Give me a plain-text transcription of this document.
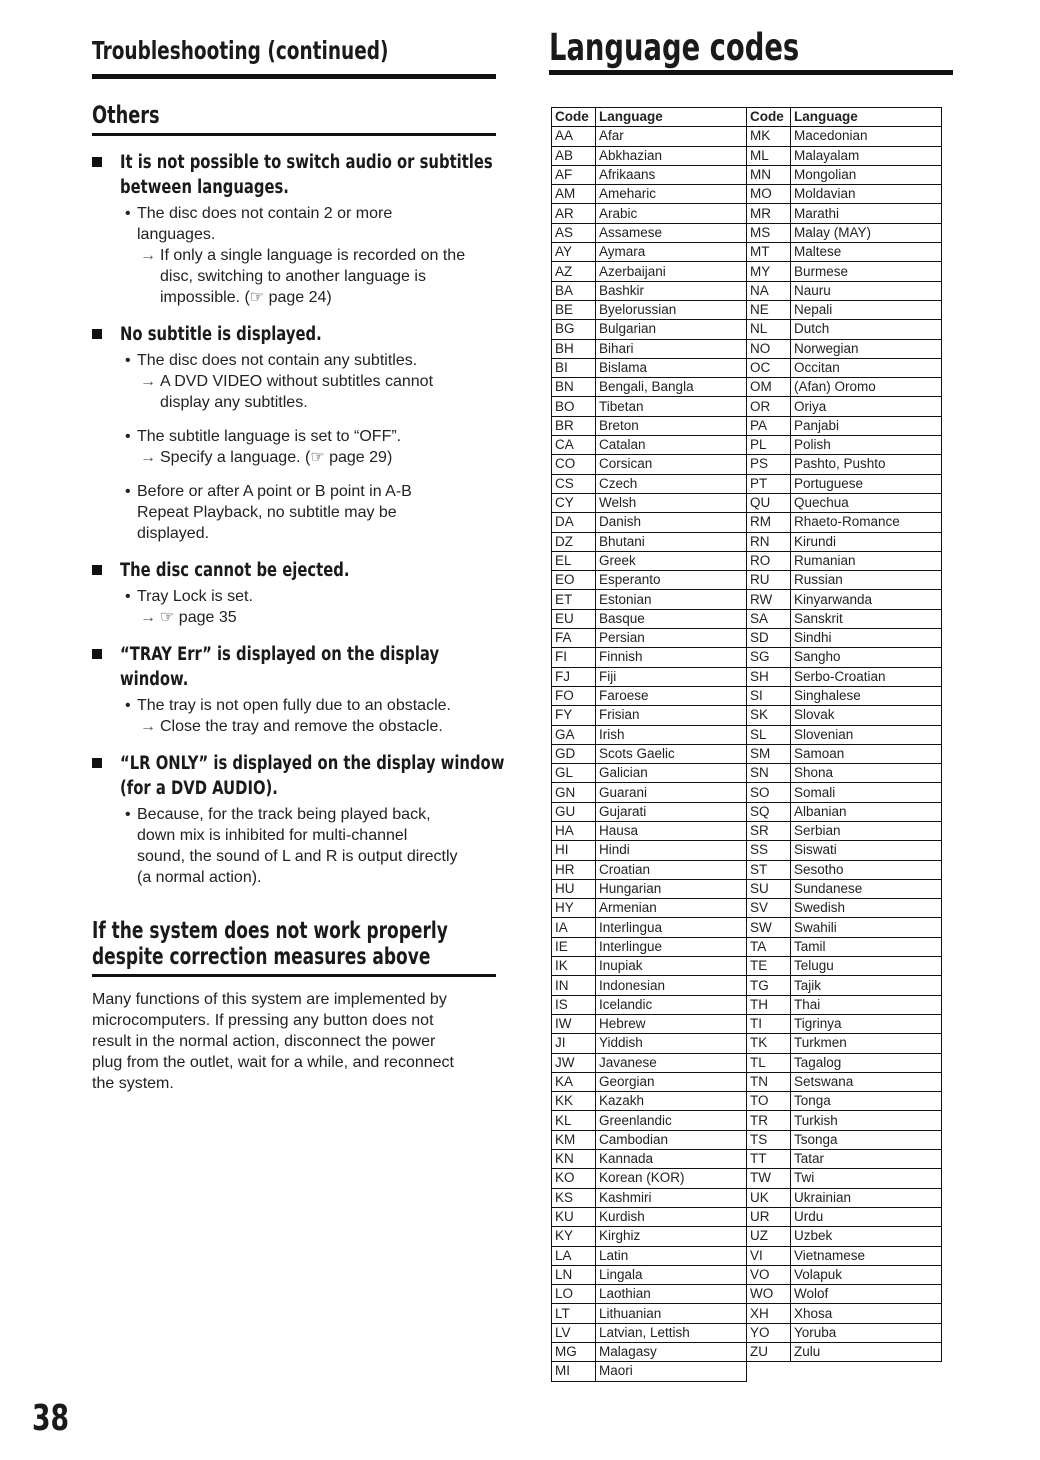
Troubleshooting (continued)
Others
It is not possible to switch audio or subtitles
between languages.
• The disc does not contain 2 or more
languages.
→ If only a single language is recorded on the
disc, switching to another language is
impossible. (☞ page 24)
No subtitle is displayed.
• The disc does not contain any subtitles.
→ A DVD VIDEO without subtitles cannot
display any subtitles.
• The subtitle language is set to “OFF”.
→ Specify a language. (☞ page 29)
• Before or after A point or B point in A-B
Repeat Playback, no subtitle may be
displayed.
The disc cannot be ejected.
• Tray Lock is set.
→ ☞ page 35
“TRAY Err” is displayed on the display
window.
• The tray is not open fully due to an obstacle.
→ Close the tray and remove the obstacle.
“LR ONLY” is displayed on the display window
(for a DVD AUDIO).
• Because, for the track being played back,
down mix is inhibited for multi-channel
sound, the sound of L and R is output directly
(a normal action).
If the system does not work properly
despite correction measures above
Many functions of this system are implemented by
microcomputers. If pressing any button does not
result in the normal action, disconnect the power
plug from the outlet, wait for a while, and reconnect
the system.
38
Language codes
Code	Language	Code	Language
AA	Afar	MK	Macedonian
AB	Abkhazian	ML	Malayalam
AF	Afrikaans	MN	Mongolian
AM	Ameharic	MO	Moldavian
AR	Arabic	MR	Marathi
AS	Assamese	MS	Malay (MAY)
AY	Aymara	MT	Maltese
AZ	Azerbaijani	MY	Burmese
BA	Bashkir	NA	Nauru
BE	Byelorussian	NE	Nepali
BG	Bulgarian	NL	Dutch
BH	Bihari	NO	Norwegian
BI	Bislama	OC	Occitan
BN	Bengali, Bangla	OM	(Afan) Oromo
BO	Tibetan	OR	Oriya
BR	Breton	PA	Panjabi
CA	Catalan	PL	Polish
CO	Corsican	PS	Pashto, Pushto
CS	Czech	PT	Portuguese
CY	Welsh	QU	Quechua
DA	Danish	RM	Rhaeto-Romance
DZ	Bhutani	RN	Kirundi
EL	Greek	RO	Rumanian
EO	Esperanto	RU	Russian
ET	Estonian	RW	Kinyarwanda
EU	Basque	SA	Sanskrit
FA	Persian	SD	Sindhi
FI	Finnish	SG	Sangho
FJ	Fiji	SH	Serbo-Croatian
FO	Faroese	SI	Singhalese
FY	Frisian	SK	Slovak
GA	Irish	SL	Slovenian
GD	Scots Gaelic	SM	Samoan
GL	Galician	SN	Shona
GN	Guarani	SO	Somali
GU	Gujarati	SQ	Albanian
HA	Hausa	SR	Serbian
HI	Hindi	SS	Siswati
HR	Croatian	ST	Sesotho
HU	Hungarian	SU	Sundanese
HY	Armenian	SV	Swedish
IA	Interlingua	SW	Swahili
IE	Interlingue	TA	Tamil
IK	Inupiak	TE	Telugu
IN	Indonesian	TG	Tajik
IS	Icelandic	TH	Thai
IW	Hebrew	TI	Tigrinya
JI	Yiddish	TK	Turkmen
JW	Javanese	TL	Tagalog
KA	Georgian	TN	Setswana
KK	Kazakh	TO	Tonga
KL	Greenlandic	TR	Turkish
KM	Cambodian	TS	Tsonga
KN	Kannada	TT	Tatar
KO	Korean (KOR)	TW	Twi
KS	Kashmiri	UK	Ukrainian
KU	Kurdish	UR	Urdu
KY	Kirghiz	UZ	Uzbek
LA	Latin	VI	Vietnamese
LN	Lingala	VO	Volapuk
LO	Laothian	WO	Wolof
LT	Lithuanian	XH	Xhosa
LV	Latvian, Lettish	YO	Yoruba
MG	Malagasy	ZU	Zulu
MI	Maori		
